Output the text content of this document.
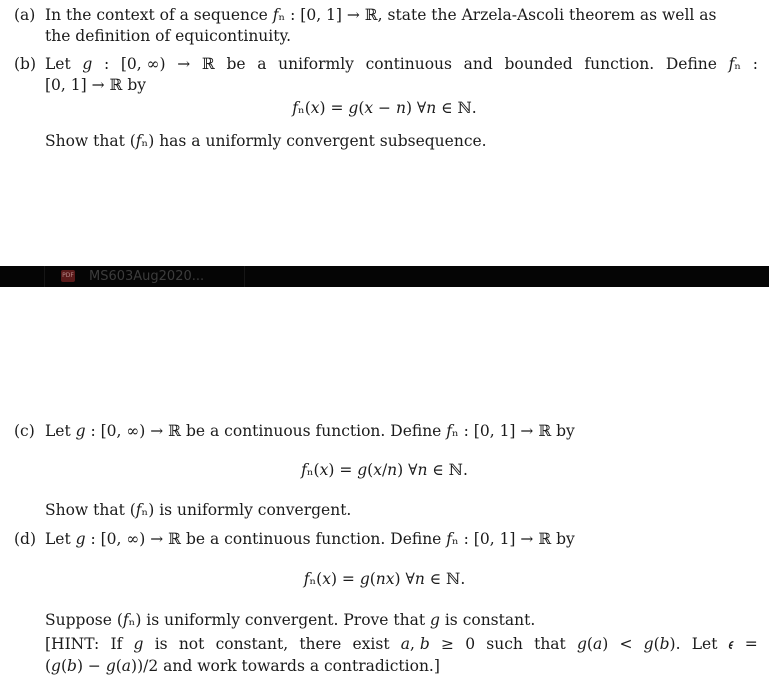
(a) In the context of a sequence 𝑓ₙ : [0, 1] → ℝ, state the Arzela-Ascoli theorem as well as
the definition of equicontinuity.
(b) Let 𝑔 : [0, ∞) → ℝ be a uniformly continuous and bounded function. Define 𝑓ₙ :
[0, 1] → ℝ by
𝑓ₙ(𝑥) = 𝑔(𝑥 − 𝑛) ∀𝑛 ∈ ℕ.
Show that (𝑓ₙ) has a uniformly convergent subsequence.
PDF MS603Aug2020...
(c) Let 𝑔 : [0, ∞) → ℝ be a continuous function. Define 𝑓ₙ : [0, 1] → ℝ by
𝑓ₙ(𝑥) = 𝑔(𝑥/𝑛) ∀𝑛 ∈ ℕ.
Show that (𝑓ₙ) is uniformly convergent.
(d) Let 𝑔 : [0, ∞) → ℝ be a continuous function. Define 𝑓ₙ : [0, 1] → ℝ by
𝑓ₙ(𝑥) = 𝑔(𝑛𝑥) ∀𝑛 ∈ ℕ.
Suppose (𝑓ₙ) is uniformly convergent. Prove that 𝑔 is constant.
[HINT: If 𝑔 is not constant, there exist 𝑎, 𝑏 ≥ 0 such that 𝑔(𝑎) < 𝑔(𝑏). Let 𝜖 =
(𝑔(𝑏) − 𝑔(𝑎))/2 and work towards a contradiction.]
